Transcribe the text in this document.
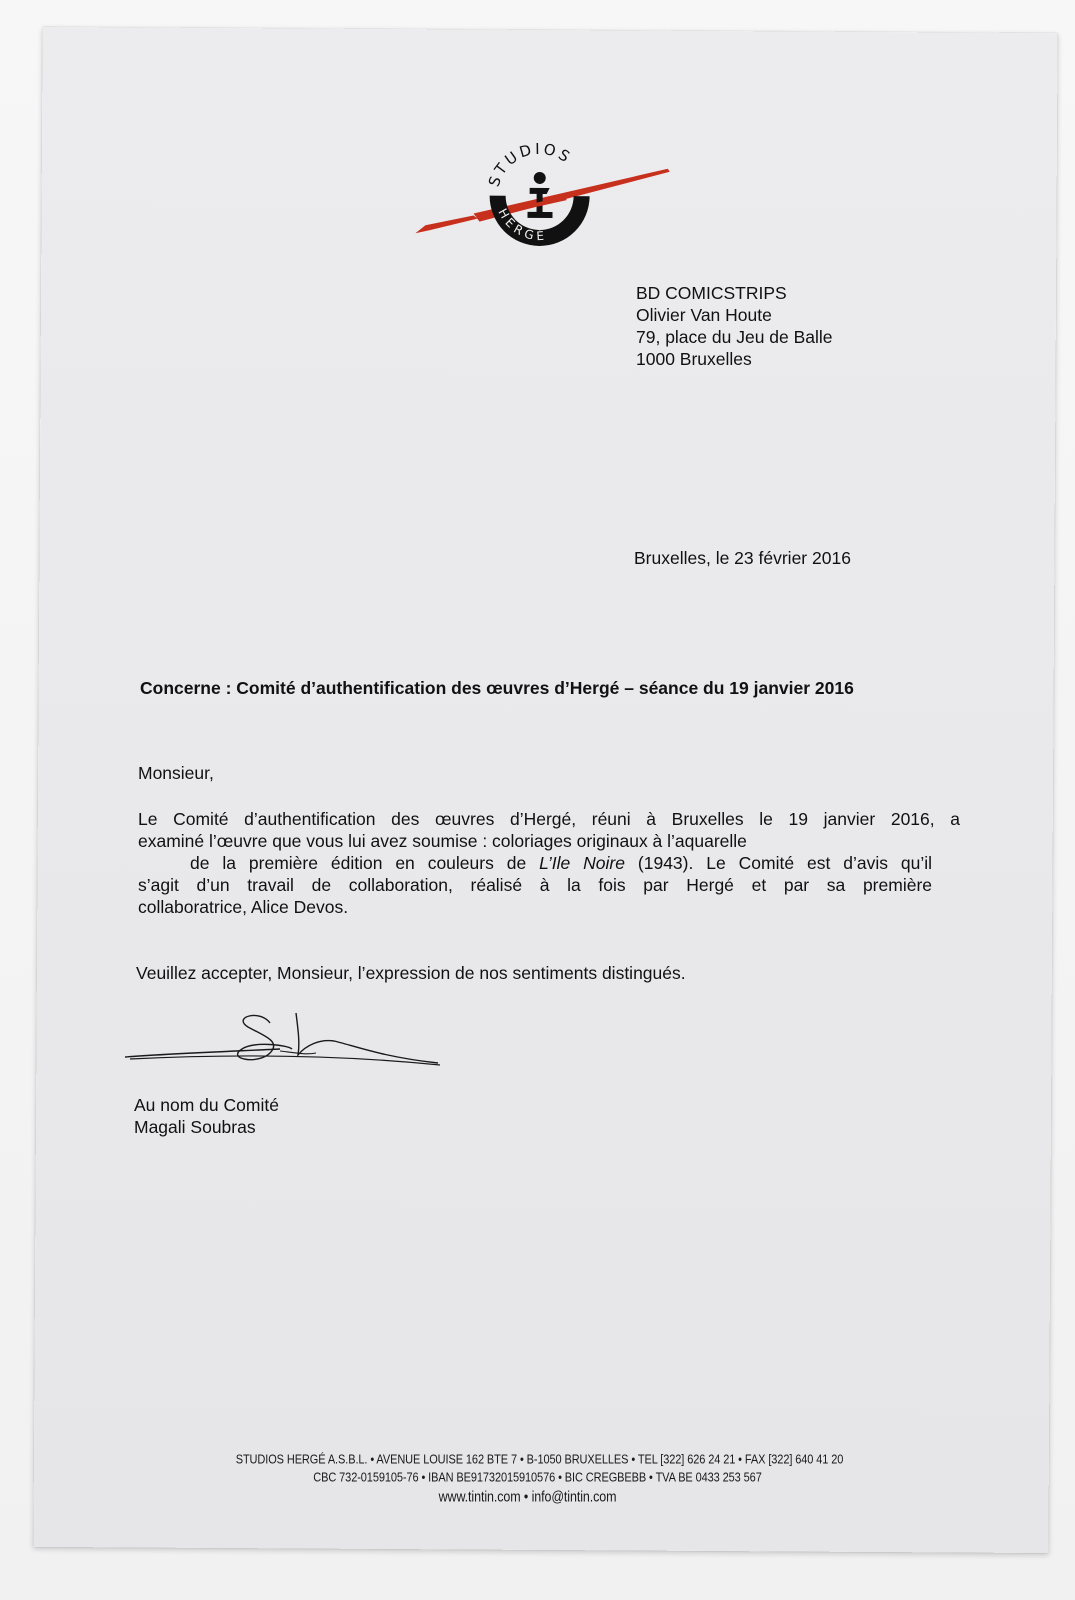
STUDIOS
HERGÉ
BD COMICSTRIPS
Olivier Van Houte
79, place du Jeu de Balle
1000 Bruxelles
Bruxelles, le 23 février 2016
Concerne : Comité d’authentification des œuvres d’Hergé – séance du 19 janvier 2016
Monsieur,
Le Comité d’authentification des œuvres d’Hergé, réuni à Bruxelles le 19 janvier 2016, a
examiné l’œuvre que vous lui avez soumise : coloriages originaux à l’aquarelle
de la première édition en couleurs de L’Ile Noire (1943). Le Comité est d’avis qu’il
s’agit d’un travail de collaboration, réalisé à la fois par Hergé et par sa première
collaboratrice, Alice Devos.
Veuillez accepter, Monsieur, l’expression de nos sentiments distingués.
Au nom du Comité
Magali Soubras
STUDIOS HERGÉ A.S.B.L. • AVENUE LOUISE 162 BTE 7 • B-1050 BRUXELLES • TEL [322] 626 24 21 • FAX [322] 640 41 20
CBC 732-0159105-76 • IBAN BE91732015910576 • BIC CREGBEBB • TVA BE 0433 253 567
www.tintin.com • info@tintin.com
